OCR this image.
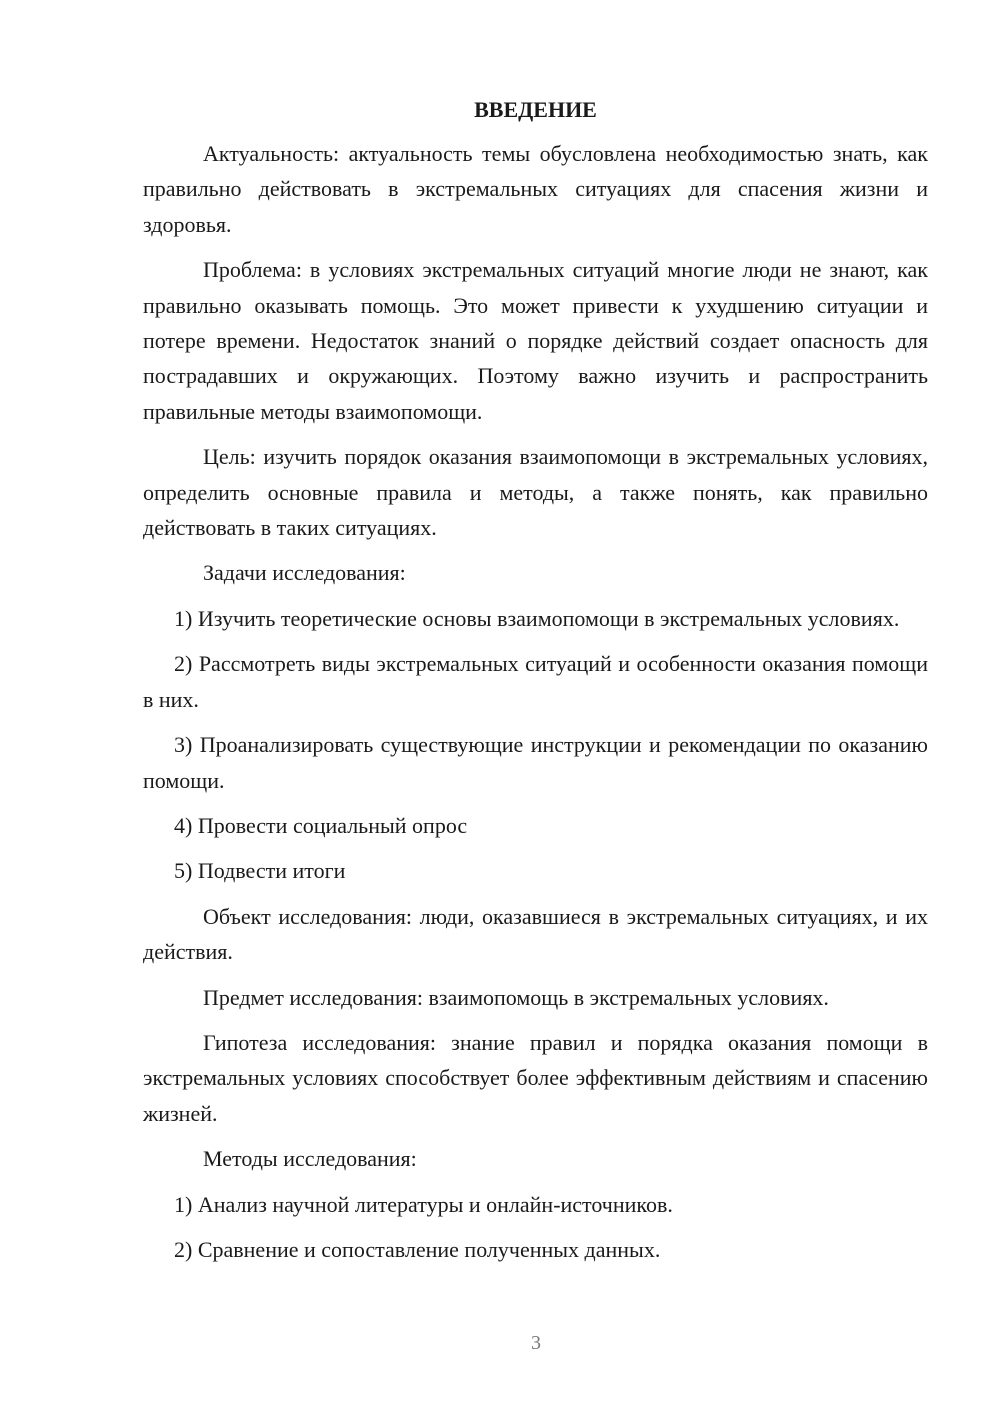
ВВЕДЕНИЕ

Актуальность: актуальность темы обусловлена необходимостью знать, как правильно действовать в экстремальных ситуациях для спасения жизни и здоровья.

Проблема: в условиях экстремальных ситуаций многие люди не знают, как правильно оказывать помощь. Это может привести к ухудшению ситуации и потере времени. Недостаток знаний о порядке действий создает опасность для пострадавших и окружающих. Поэтому важно изучить и распространить правильные методы взаимопомощи.

Цель: изучить порядок оказания взаимопомощи в экстремальных условиях, определить основные правила и методы, а также понять, как правильно действовать в таких ситуациях.

Задачи исследования:

1) Изучить теоретические основы взаимопомощи в экстремальных условиях.

2) Рассмотреть виды экстремальных ситуаций и особенности оказания помощи в них.

3) Проанализировать существующие инструкции и рекомендации по оказанию помощи.

4) Провести социальный опрос

5) Подвести итоги

Объект исследования: люди, оказавшиеся в экстремальных ситуациях, и их действия.

Предмет исследования: взаимопомощь в экстремальных условиях.

Гипотеза исследования: знание правил и порядка оказания помощи в экстремальных условиях способствует более эффективным действиям и спасению жизней.

Методы исследования:

1) Анализ научной литературы и онлайн-источников.

2) Сравнение и сопоставление полученных данных.

3
